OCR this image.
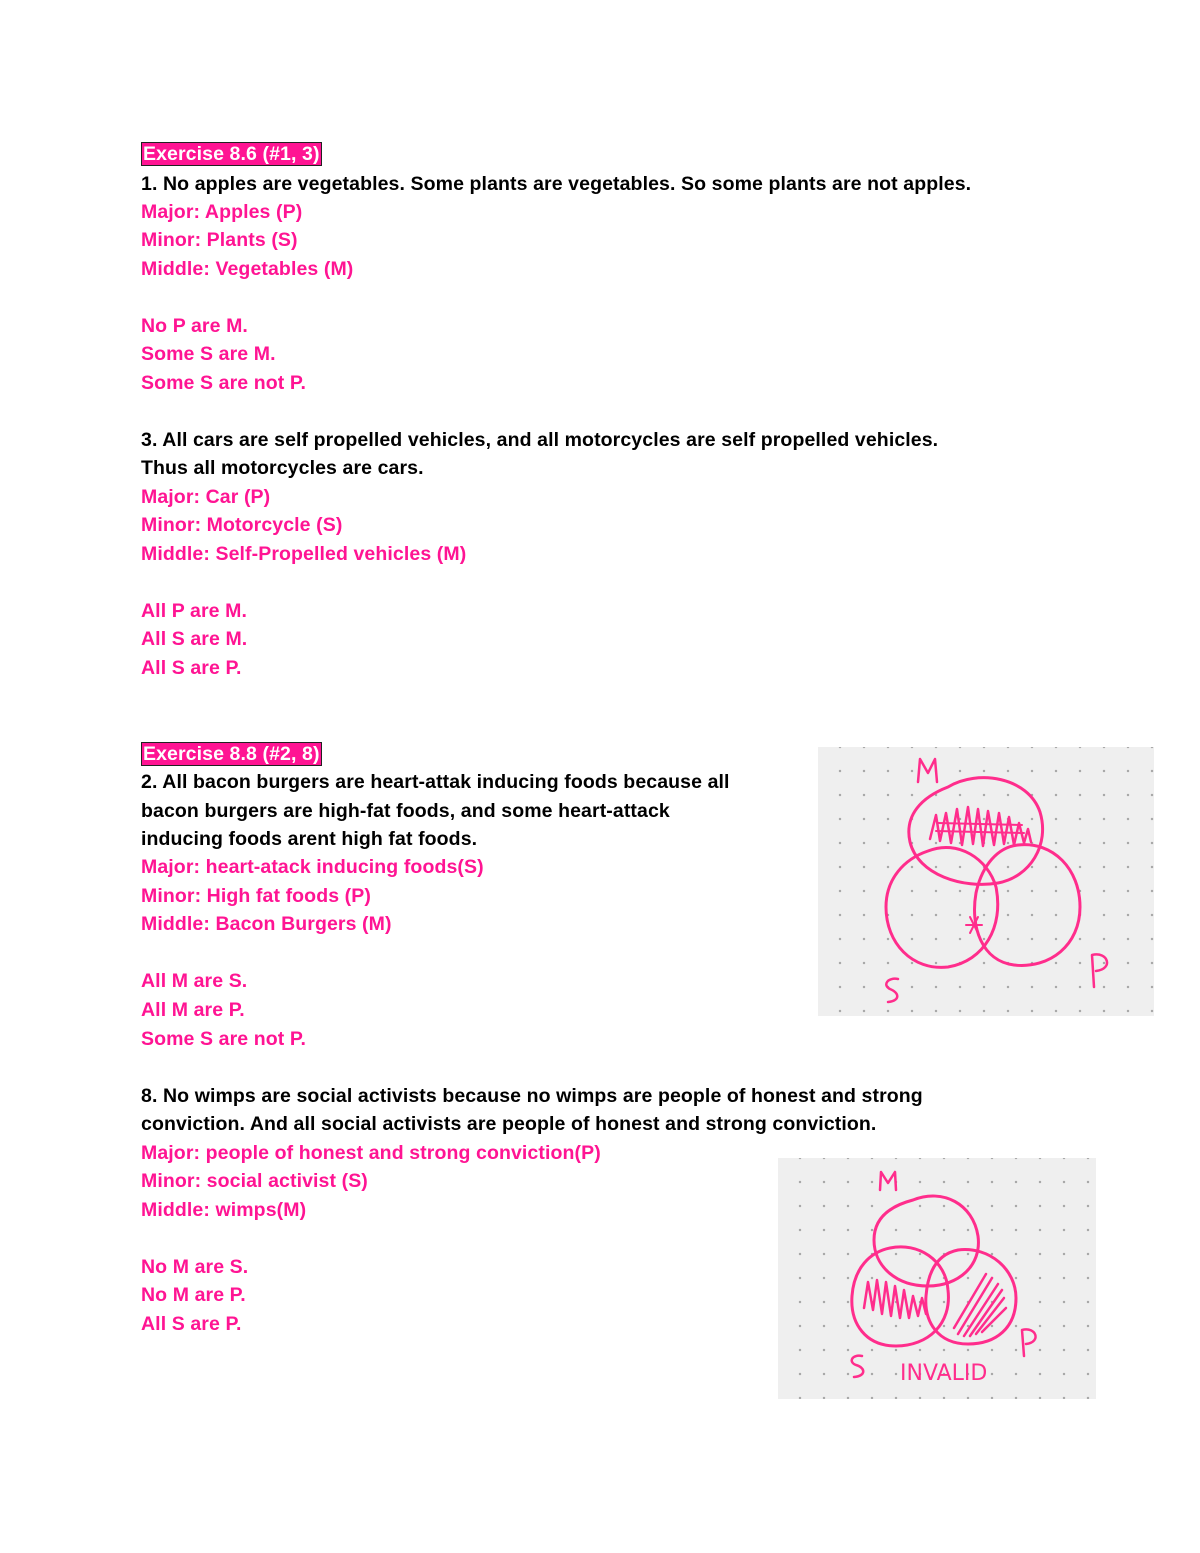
Exercise 8.6 (#1, 3)
1. No apples are vegetables. Some plants are vegetables. So some plants are not apples.
Major: Apples (P)
Minor: Plants (S)
Middle: Vegetables (M)
No P are M.
Some S are M.
Some S are not P.
3. All cars are self propelled vehicles, and all motorcycles are self propelled vehicles.
Thus all motorcycles are cars.
Major: Car (P)
Minor: Motorcycle (S)
Middle: Self-Propelled vehicles (M)
All P are M.
All S are M.
All S are P.
Exercise 8.8 (#2, 8)
2. All bacon burgers are heart-attak inducing foods because all
bacon burgers are high-fat foods, and some heart-attack
inducing foods arent high fat foods.
Major: heart-atack inducing foods(S)
Minor: High fat foods (P)
Middle: Bacon Burgers (M)
All M are S.
All M are P.
Some S are not P.
8. No wimps are social activists because no wimps are people of honest and strong
conviction. And all social activists are people of honest and strong conviction.
Major: people of honest and strong conviction(P)
Minor: social activist (S)
Middle: wimps(M)
No M are S.
No M are P.
All S are P.
INVALID
